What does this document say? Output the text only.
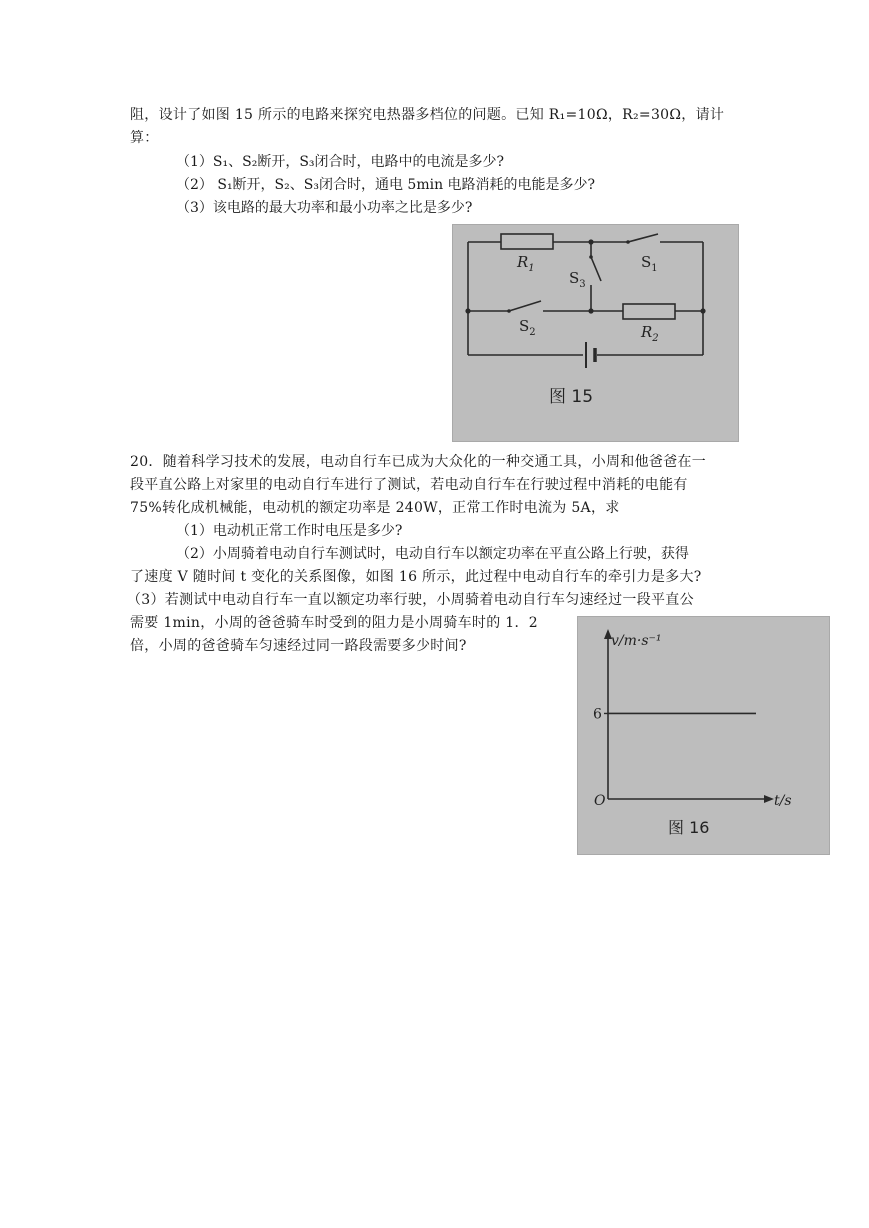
阻，设计了如图 15 所示的电路来探究电热器多档位的问题。已知 R₁=10Ω，R₂=30Ω，请计

算：

（1）S₁、S₂断开，S₃闭合时，电路中的电流是多少?
（2） S₁断开，S₂、S₃闭合时，通电 5min 电路消耗的电能是多少?
（3）该电路的最大功率和最小功率之比是多少?
$R_1$	$S_1$
$S_3$
$S_2$	$R_2$
图 15

20．随着科学习技术的发展，电动自行车已成为大众化的一种交通工具，小周和他爸爸在一

段平直公路上对家里的电动自行车进行了测试，若电动自行车在行驶过程中消耗的电能有

75%转化成机械能，电动机的额定功率是 240W，正常工作时电流为 5A，求

（1）电动机正常工作时电压是多少?
（2）小周骑着电动自行车测试时，电动自行车以额定功率在平直公路上行驶，获得

了速度 V 随时间 t 变化的关系图像，如图 16 所示，此过程中电动自行车的牵引力是多大?

（3）若测试中电动自行车一直以额定功率行驶，小周骑着电动自行车匀速经过一段平直公

需要 1min，小周的爸爸骑车时受到的阻力是小周骑车时的 1．2

倍，小周的爸爸骑车匀速经过同一路段需要多少时间?	v/m·s⁻¹
t/s
O
6
图 16
